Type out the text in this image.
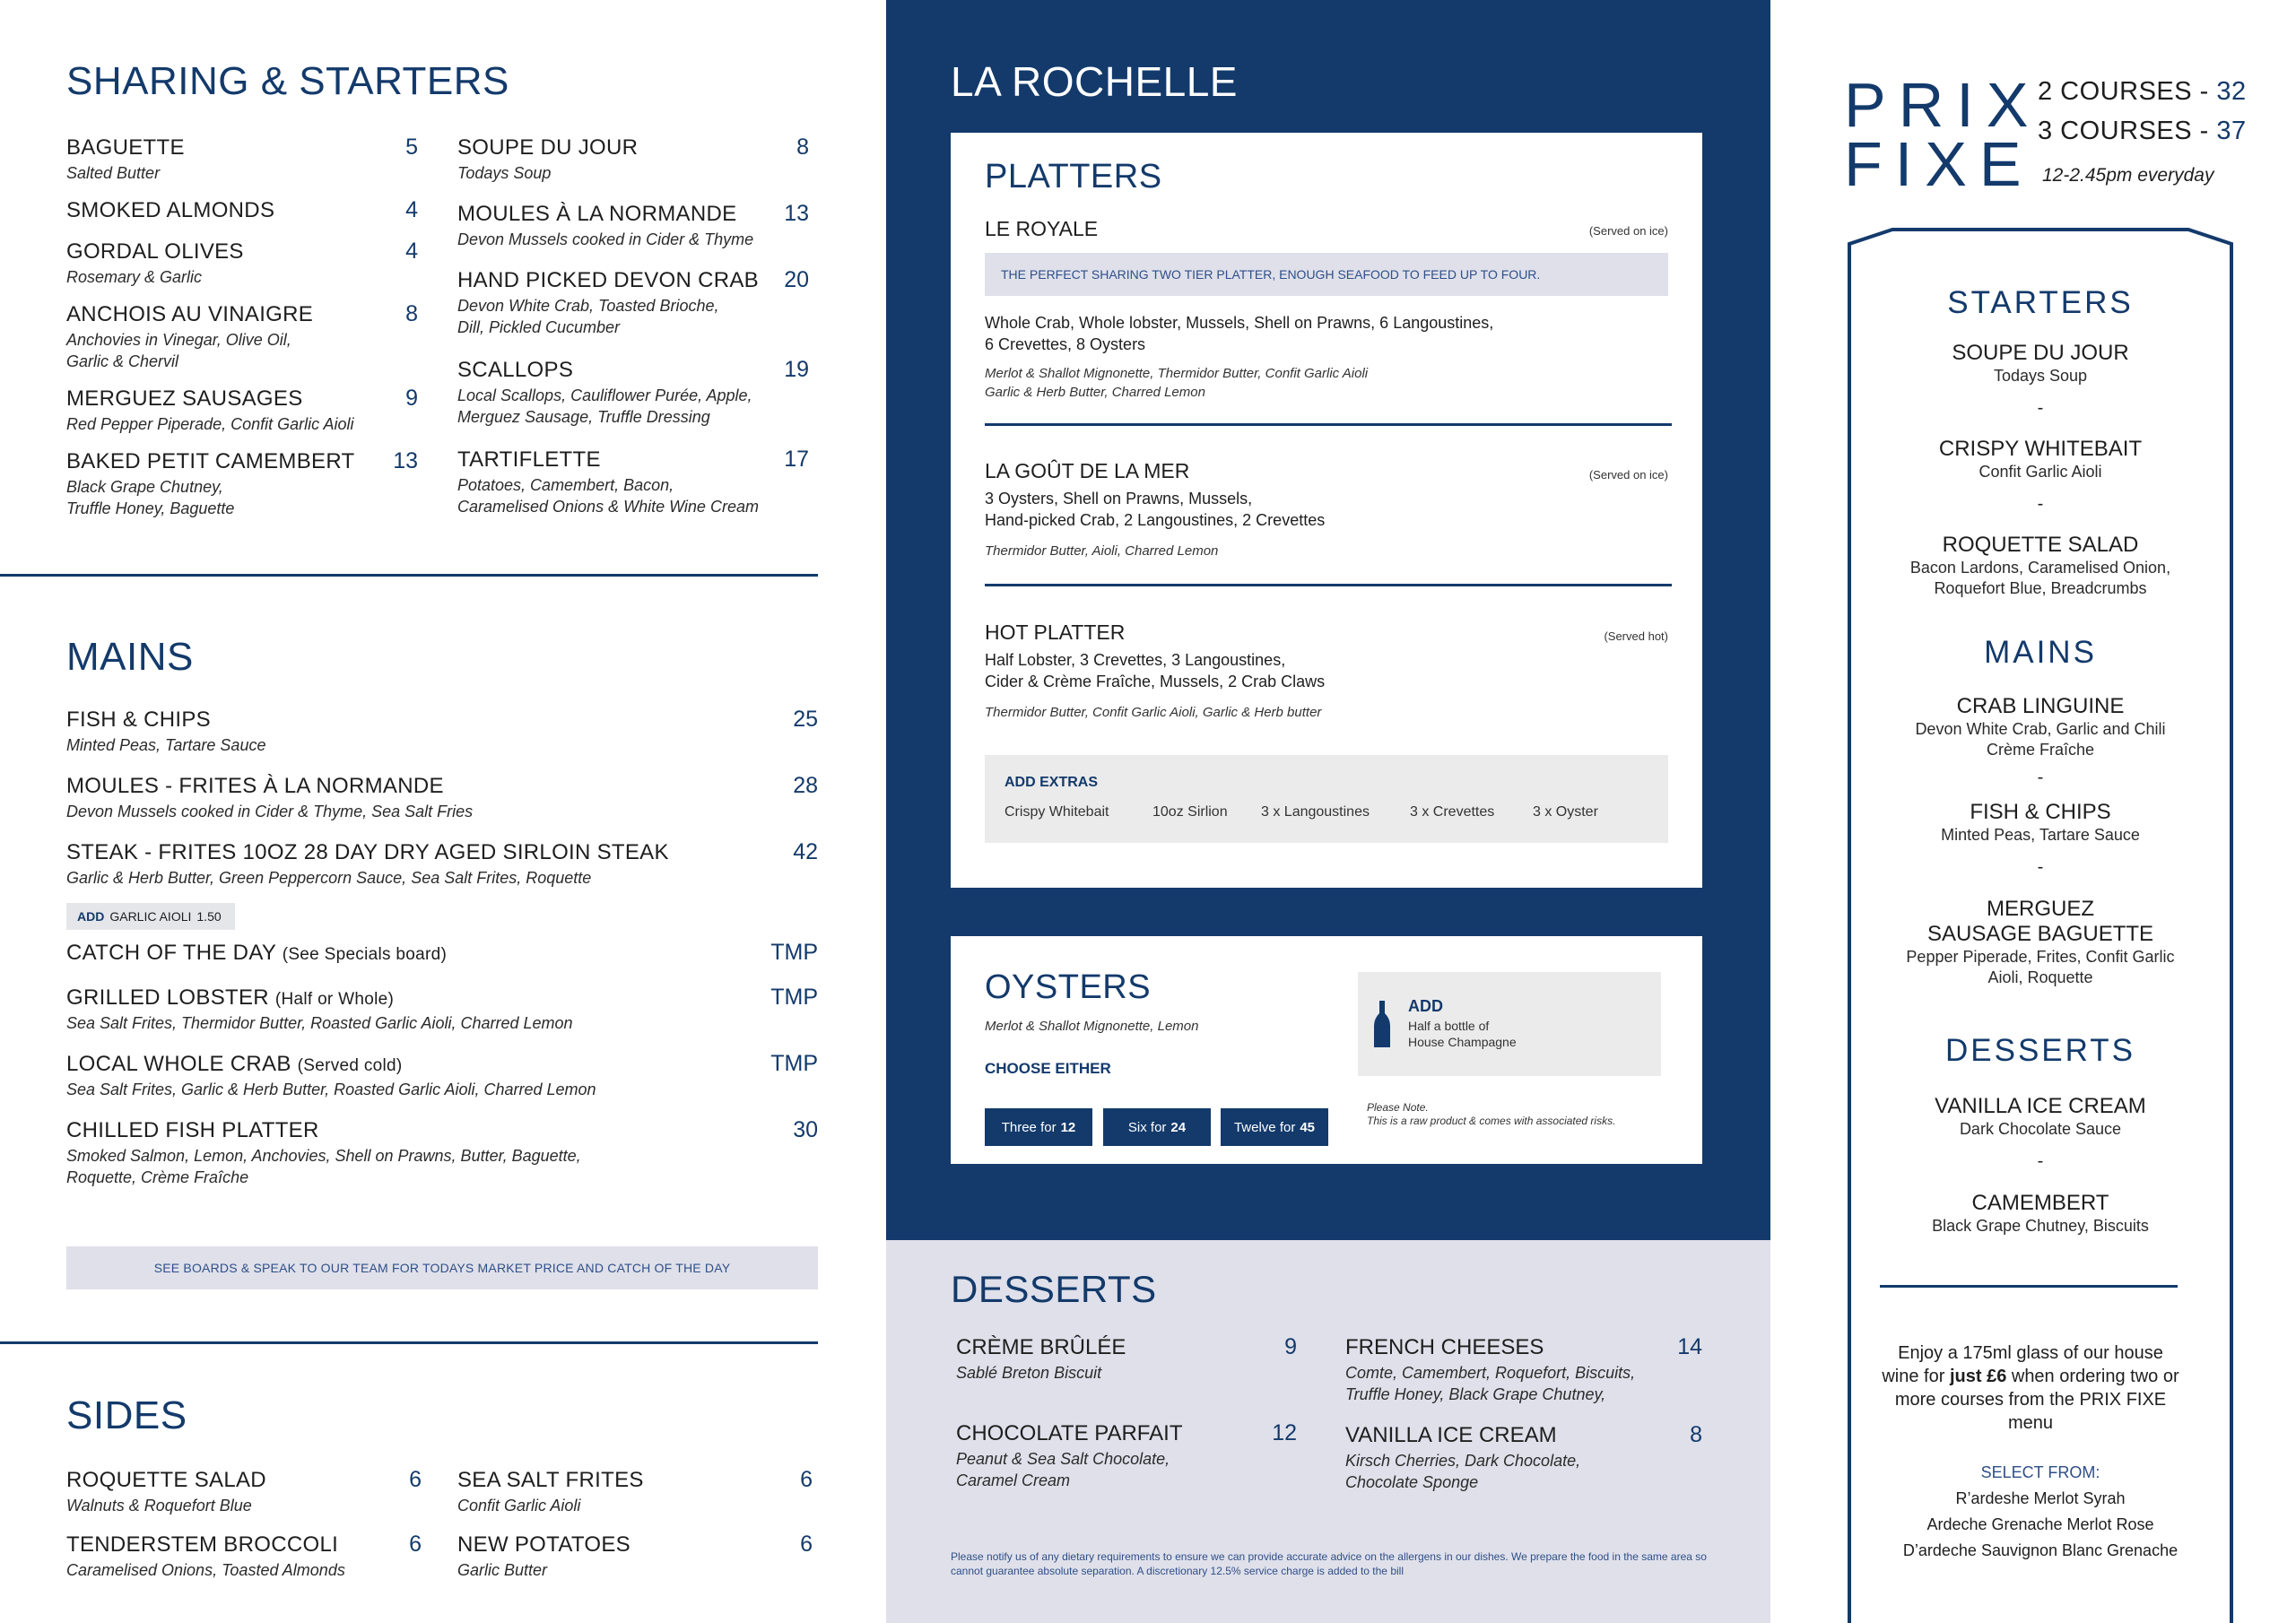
SHARING & STARTERS
BAGUETTE	5
Salted Butter
SMOKED ALMONDS	4
GORDAL OLIVES	4
Rosemary & Garlic
ANCHOIS AU VINAIGRE	8
Anchovies in Vinegar, Olive Oil,
Garlic & Chervil
MERGUEZ SAUSAGES	9
Red Pepper Piperade, Confit Garlic Aioli
BAKED PETIT CAMEMBERT 13
Black Grape Chutney,
Truffle Honey, Baguette
SOUPE DU JOUR	8
Todays Soup
MOULES À LA NORMANDE 13
Devon Mussels cooked in Cider & Thyme
HAND PICKED DEVON CRAB 20
Devon White Crab, Toasted Brioche,
Dill, Pickled Cucumber
SCALLOPS	19
Local Scallops, Cauliflower Purée, Apple,
Merguez Sausage, Truffle Dressing
TARTIFLETTE	17
Potatoes, Camembert, Bacon,
Caramelised Onions & White Wine Cream
MAINS
FISH & CHIPS	25
Minted Peas, Tartare Sauce
MOULES - FRITES À LA NORMANDE	28
Devon Mussels cooked in Cider & Thyme, Sea Salt Fries
STEAK - FRITES 10OZ 28 DAY DRY AGED SIRLOIN STEAK	42
Garlic & Herb Butter, Green Peppercorn Sauce, Sea Salt Frites, Roquette
ADD GARLIC AIOLI 1.50
CATCH OF THE DAY (See Specials board)	TMP
GRILLED LOBSTER (Half or Whole)	TMP
Sea Salt Frites, Thermidor Butter, Roasted Garlic Aioli, Charred Lemon
LOCAL WHOLE CRAB (Served cold)	TMP
Sea Salt Frites, Garlic & Herb Butter, Roasted Garlic Aioli, Charred Lemon
CHILLED FISH PLATTER	30
Smoked Salmon, Lemon, Anchovies, Shell on Prawns, Butter, Baguette,
Roquette, Crème Fraîche
SEE BOARDS & SPEAK TO OUR TEAM FOR TODAYS MARKET PRICE AND CATCH OF THE DAY
SIDES
ROQUETTE SALAD	6
Walnuts & Roquefort Blue
TENDERSTEM BROCCOLI	6
Caramelised Onions, Toasted Almonds
SEA SALT FRITES	6
Confit Garlic Aioli
NEW POTATOES	6
Garlic Butter
LA ROCHELLE
PLATTERS
LE ROYALE	(Served on ice)
THE PERFECT SHARING TWO TIER PLATTER, ENOUGH SEAFOOD TO FEED UP TO FOUR.
Whole Crab, Whole lobster, Mussels, Shell on Prawns, 6 Langoustines,
6 Crevettes, 8 Oysters
Merlot & Shallot Mignonette, Thermidor Butter, Confit Garlic Aioli
Garlic & Herb Butter, Charred Lemon
LA GOÛT DE LA MER	(Served on ice)
3 Oysters, Shell on Prawns, Mussels,
Hand-picked Crab, 2 Langoustines, 2 Crevettes
Thermidor Butter, Aioli, Charred Lemon
HOT PLATTER	(Served hot)
Half Lobster, 3 Crevettes, 3 Langoustines,
Cider & Crème Fraîche, Mussels, 2 Crab Claws
Thermidor Butter, Confit Garlic Aioli, Garlic & Herb butter
ADD EXTRAS
Crispy Whitebait	10oz Sirlion 3 x Langoustines	3 x Crevettes	3 x Oyster
OYSTERS
Merlot & Shallot Mignonette, Lemon
CHOOSE EITHER
ADD
Half a bottle of
House Champagne
Please Note.
This is a raw product & comes with associated risks.
Three for 12	Six for 24	Twelve for 45
DESSERTS
CRÈME BRÛLÉE	9
Sablé Breton Biscuit
CHOCOLATE PARFAIT	12
Peanut & Sea Salt Chocolate,
Caramel Cream
FRENCH CHEESES	14
Comte, Camembert, Roquefort, Biscuits,
Truffle Honey, Black Grape Chutney,
VANILLA ICE CREAM	8
Kirsch Cherries, Dark Chocolate,
Chocolate Sponge
Please notify us of any dietary requirements to ensure we can provide accurate advice on the allergens in our dishes. We prepare the food in the same area so cannot guarantee absolute separation. A discretionary 12.5% service charge is added to the bill
PRIX
FIXE
2 COURSES - 32
3 COURSES - 37
12-2.45pm everyday
STARTERS
SOUPE DU JOUR
Todays Soup
-
CRISPY WHITEBAIT
Confit Garlic Aioli
-
ROQUETTE SALAD
Bacon Lardons, Caramelised Onion,
Roquefort Blue, Breadcrumbs
MAINS
CRAB LINGUINE
Devon White Crab, Garlic and Chili
Crème Fraîche
-
FISH & CHIPS
Minted Peas, Tartare Sauce
-
MERGUEZ
SAUSAGE BAGUETTE
Pepper Piperade, Frites, Confit Garlic
Aioli, Roquette
DESSERTS
VANILLA ICE CREAM
Dark Chocolate Sauce
-
CAMEMBERT
Black Grape Chutney, Biscuits
Enjoy a 175ml glass of our house wine for just £6 when ordering two or more courses from the PRIX FIXE menu
SELECT FROM:
R’ardeshe Merlot Syrah
Ardeche Grenache Merlot Rose
D’ardeche Sauvignon Blanc Grenache
